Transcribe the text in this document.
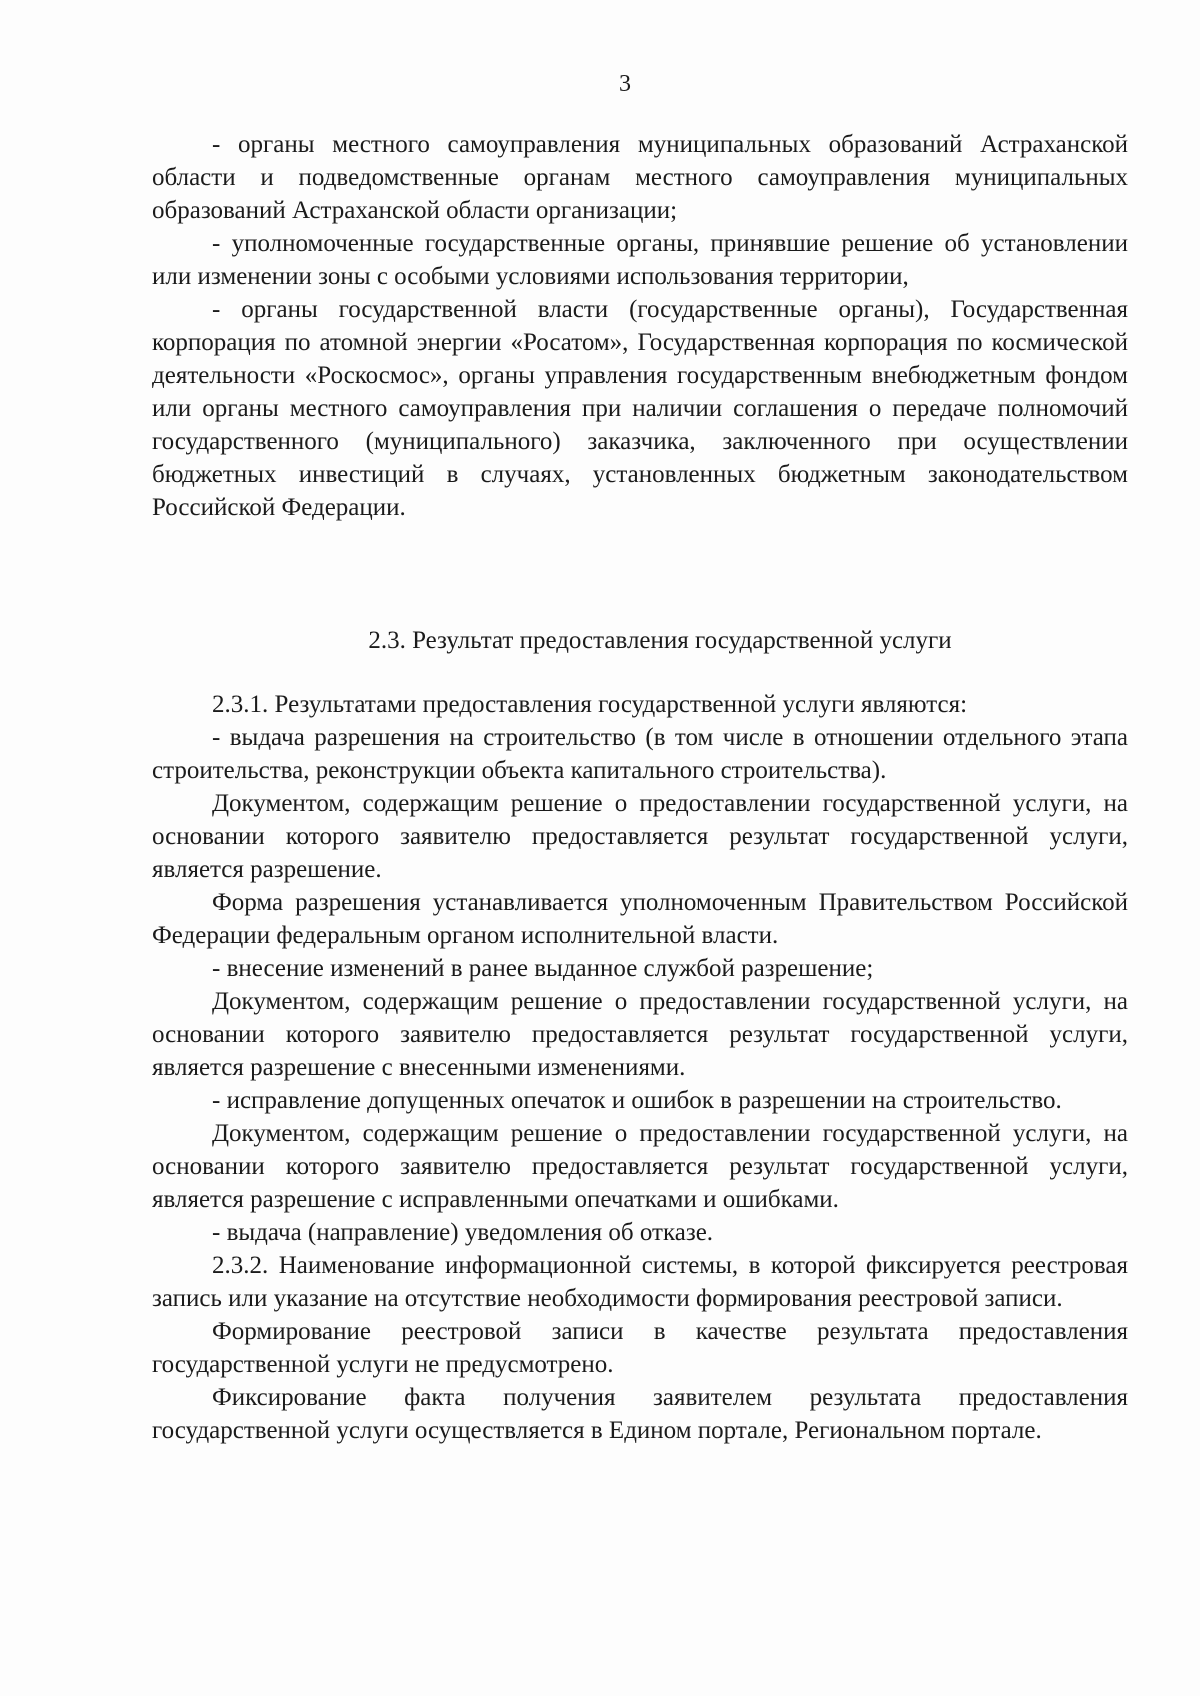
3

- органы местного самоуправления муниципальных образований Астраханской области и подведомственные органам местного самоуправления муниципальных образований Астраханской области организации;

- уполномоченные государственные органы, принявшие решение об установлении или изменении зоны с особыми условиями использования территории,

- органы государственной власти (государственные органы), Государственная корпорация по атомной энергии «Росатом», Государственная корпорация по космической деятельности «Роскосмос», органы управления государственным внебюджетным фондом или органы местного самоуправления при наличии соглашения о передаче полномочий государственного (муниципального) заказчика, заключенного при осуществлении бюджетных инвестиций в случаях, установленных бюджетным законодательством Российской Федерации.

2.3. Результат предоставления государственной услуги

2.3.1. Результатами предоставления государственной услуги являются:

- выдача разрешения на строительство (в том числе в отношении отдельного этапа строительства, реконструкции объекта капитального строительства).

Документом, содержащим решение о предоставлении государственной услуги, на основании которого заявителю предоставляется результат государственной услуги, является разрешение.

Форма разрешения устанавливается уполномоченным Правительством Российской Федерации федеральным органом исполнительной власти.

- внесение изменений в ранее выданное службой разрешение;

Документом, содержащим решение о предоставлении государственной услуги, на основании которого заявителю предоставляется результат государственной услуги, является разрешение с внесенными изменениями.

- исправление допущенных опечаток и ошибок в разрешении на строительство.

Документом, содержащим решение о предоставлении государственной услуги, на основании которого заявителю предоставляется результат государственной услуги, является разрешение с исправленными опечатками и ошибками.

- выдача (направление) уведомления об отказе.

2.3.2. Наименование информационной системы, в которой фиксируется реестровая запись или указание на отсутствие необходимости формирования реестровой записи.

Формирование реестровой записи в качестве результата предоставления государственной услуги не предусмотрено.

Фиксирование факта получения заявителем результата предоставления государственной услуги осуществляется в Едином портале, Региональном портале.
